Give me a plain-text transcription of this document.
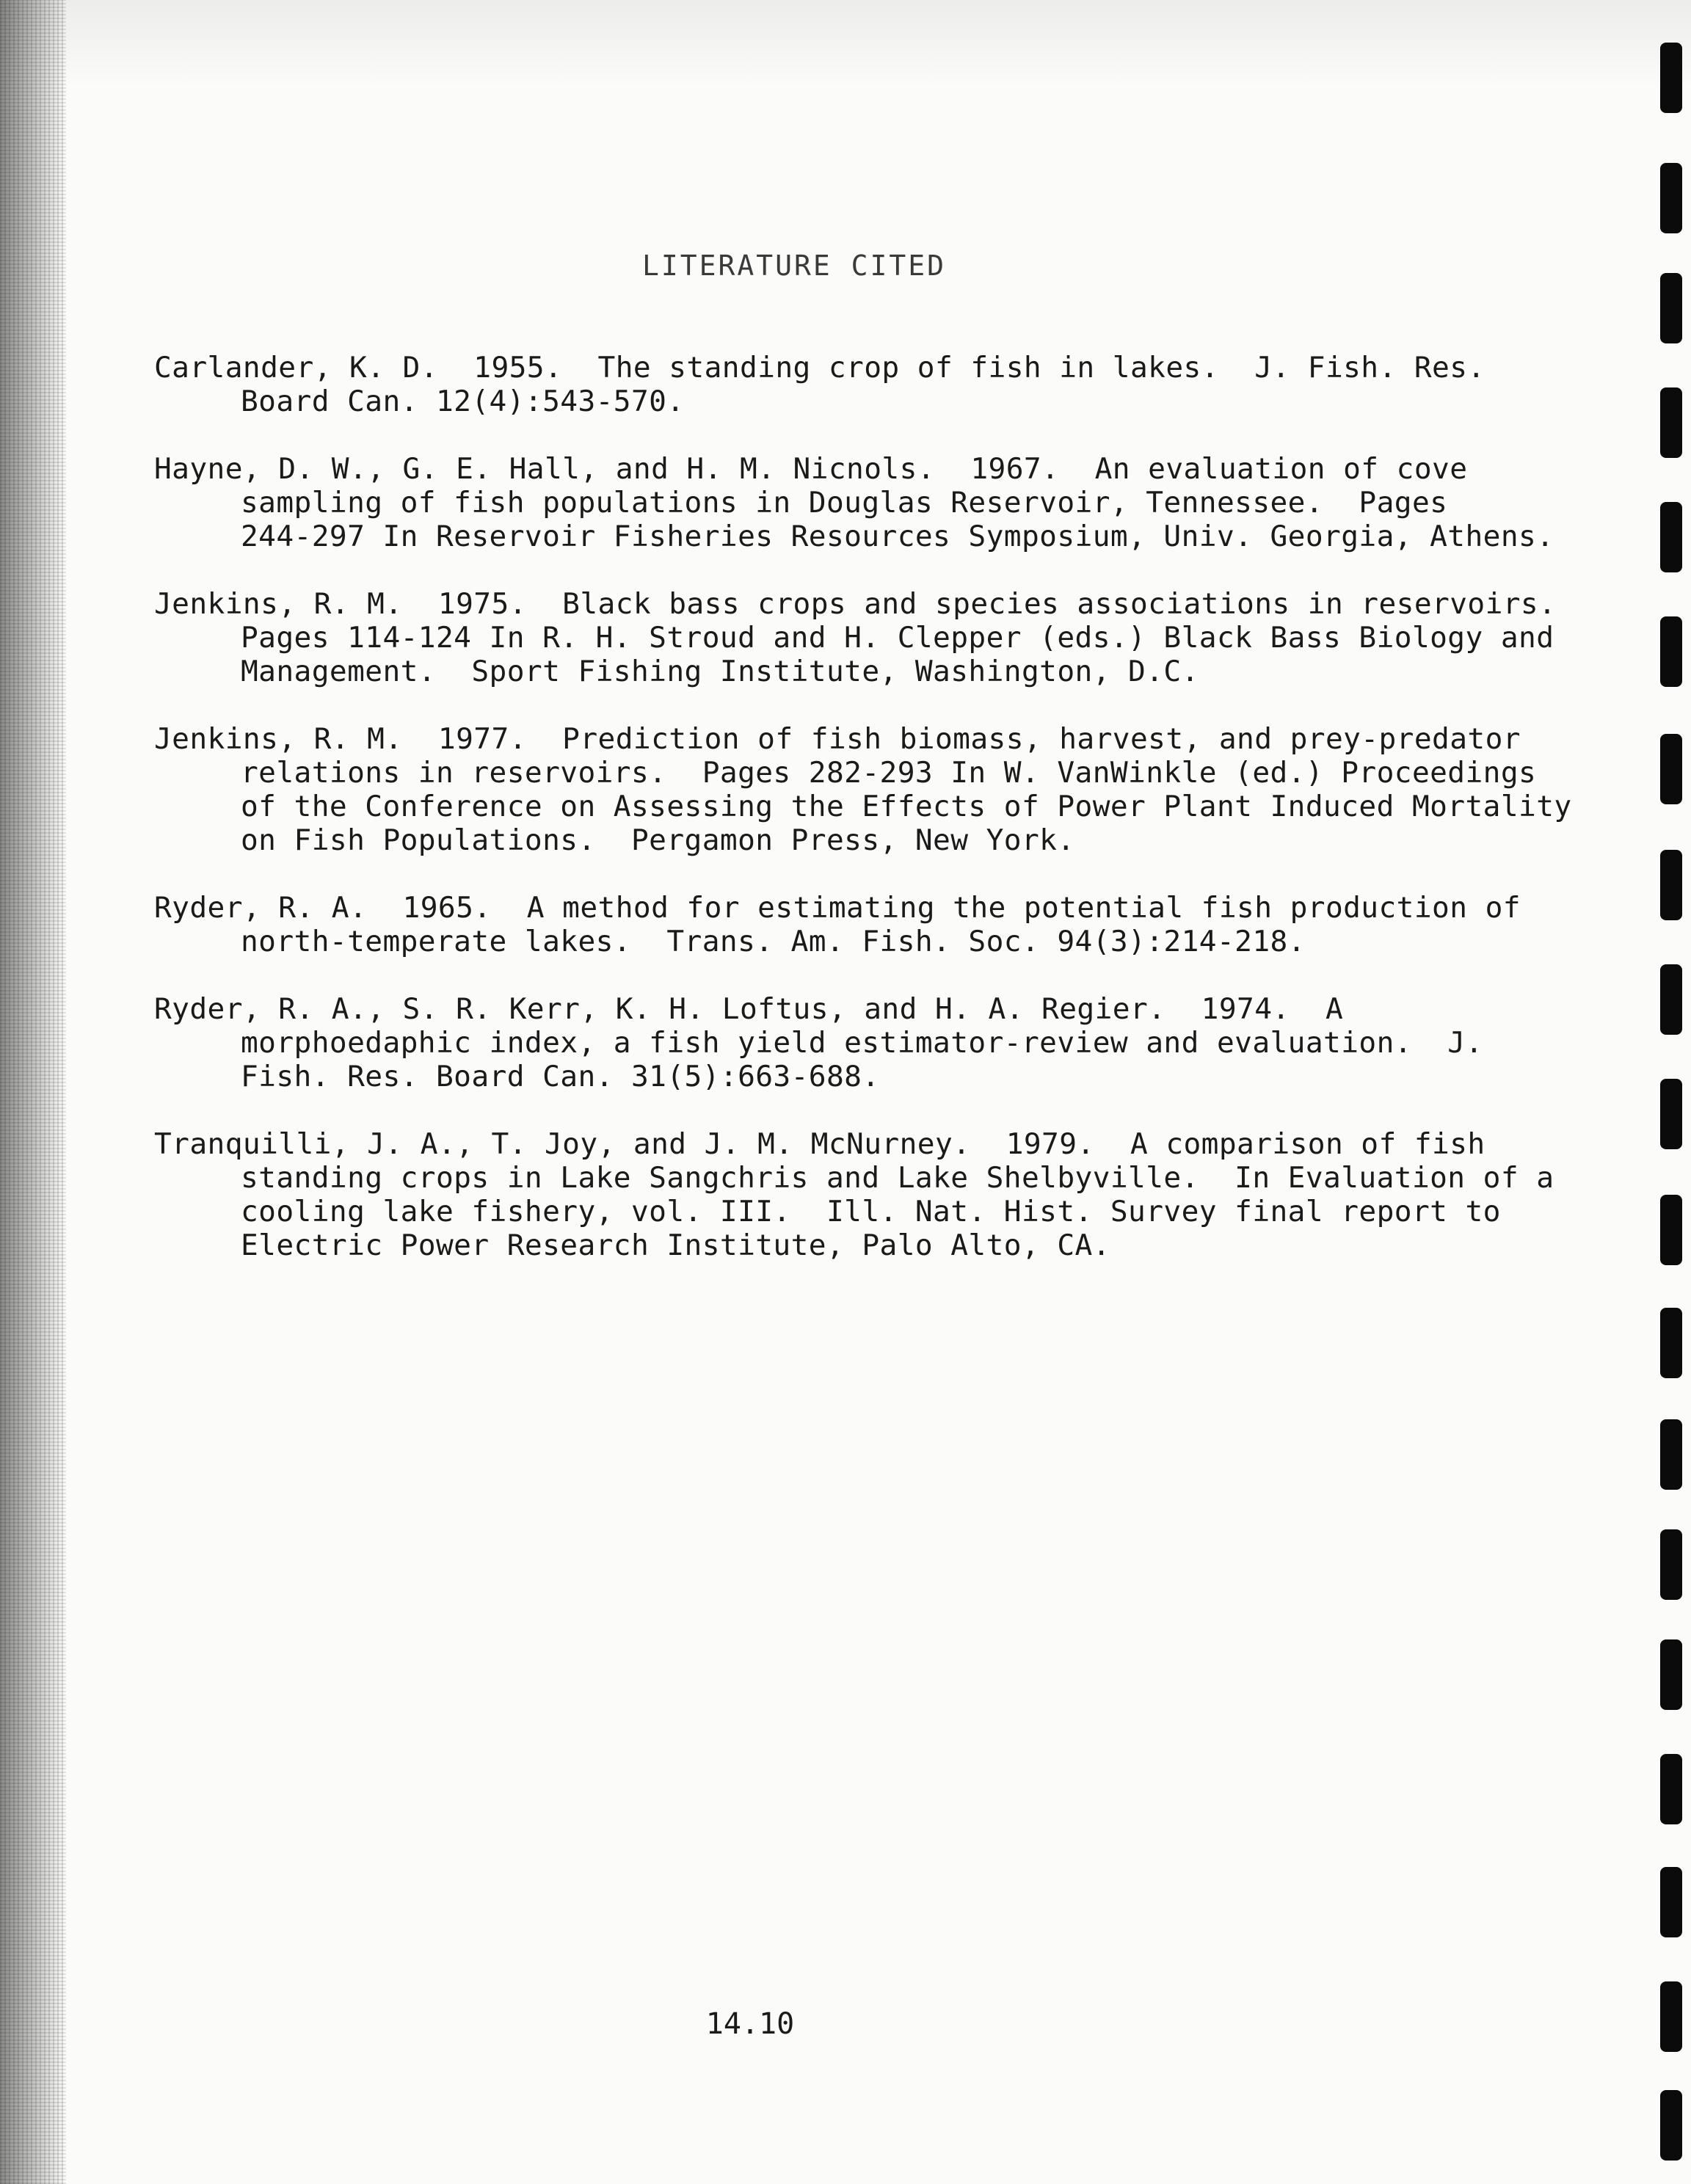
LITERATURE CITED
Carlander, K. D.  1955.  The standing crop of fish in lakes.  J. Fish. Res.
Board Can. 12(4):543-570.
Hayne, D. W., G. E. Hall, and H. M. Nicnols.  1967.  An evaluation of cove
sampling of fish populations in Douglas Reservoir, Tennessee.  Pages
244-297 In Reservoir Fisheries Resources Symposium, Univ. Georgia, Athens.
Jenkins, R. M.  1975.  Black bass crops and species associations in reservoirs.
Pages 114-124 In R. H. Stroud and H. Clepper (eds.) Black Bass Biology and
Management.  Sport Fishing Institute, Washington, D.C.
Jenkins, R. M.  1977.  Prediction of fish biomass, harvest, and prey-predator
relations in reservoirs.  Pages 282-293 In W. VanWinkle (ed.) Proceedings
of the Conference on Assessing the Effects of Power Plant Induced Mortality
on Fish Populations.  Pergamon Press, New York.
Ryder, R. A.  1965.  A method for estimating the potential fish production of
north-temperate lakes.  Trans. Am. Fish. Soc. 94(3):214-218.
Ryder, R. A., S. R. Kerr, K. H. Loftus, and H. A. Regier.  1974.  A
morphoedaphic index, a fish yield estimator-review and evaluation.  J.
Fish. Res. Board Can. 31(5):663-688.
Tranquilli, J. A., T. Joy, and J. M. McNurney.  1979.  A comparison of fish
standing crops in Lake Sangchris and Lake Shelbyville.  In Evaluation of a
cooling lake fishery, vol. III.  Ill. Nat. Hist. Survey final report to
Electric Power Research Institute, Palo Alto, CA.
14.10
